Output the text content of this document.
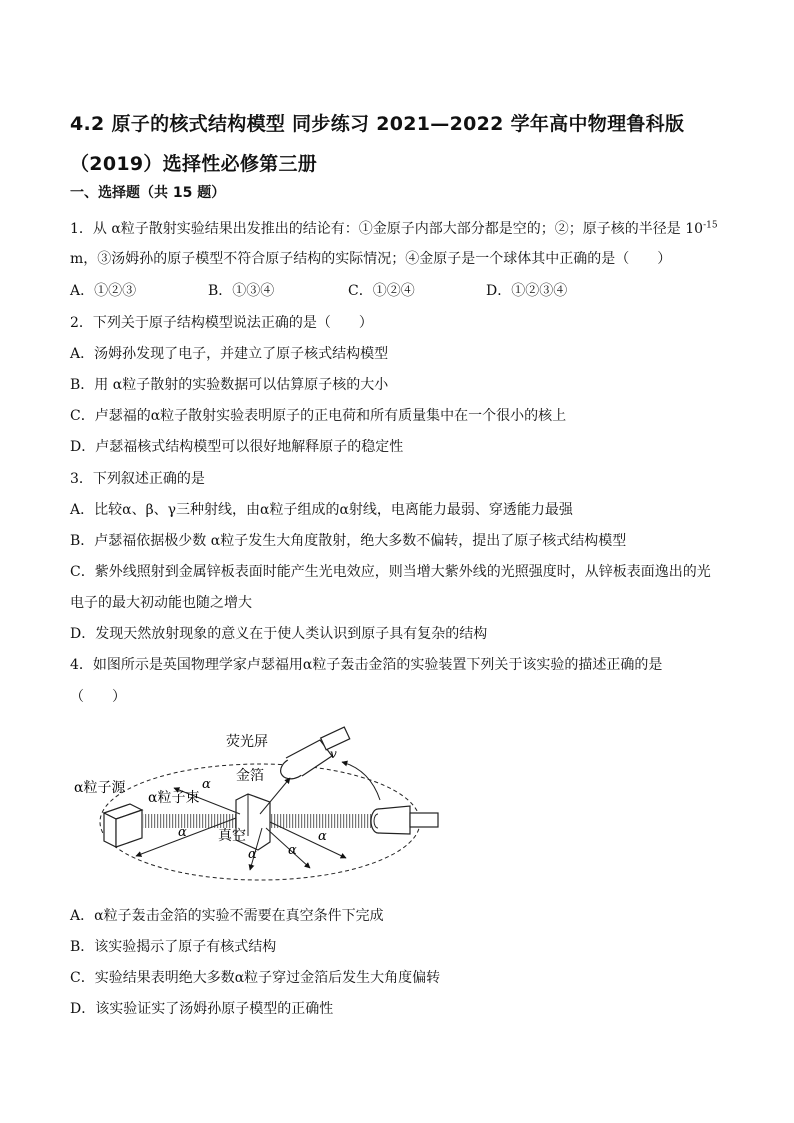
4.2 原子的核式结构模型 同步练习 2021—2022 学年高中物理鲁科版
（2019）选择性必修第三册
一、选择题（共 15 题）
1．从 α粒子散射实验结果出发推出的结论有：①金原子内部大部分都是空的；②；原子核的半径是 $10^{-15}$
m，③汤姆孙的原子模型不符合原子结构的实际情况；④金原子是一个球体其中正确的是（　　）
A．①②③	B．①③④	C．①②④	D．①②③④
2．下列关于原子结构模型说法正确的是（　　）
A．汤姆孙发现了电子，并建立了原子核式结构模型
B．用 α粒子散射的实验数据可以估算原子核的大小
C．卢瑟福的α粒子散射实验表明原子的正电荷和所有质量集中在一个很小的核上
D．卢瑟福核式结构模型可以很好地解释原子的稳定性
3．下列叙述正确的是
A．比较α、β、γ三种射线，由α粒子组成的α射线，电离能力最弱、穿透能力最强
B．卢瑟福依据极少数 α粒子发生大角度散射，绝大多数不偏转，提出了原子核式结构模型
C．紫外线照射到金属锌板表面时能产生光电效应，则当增大紫外线的光照强度时，从锌板表面逸出的光
电子的最大初动能也随之增大
D．发现天然放射现象的意义在于使人类认识到原子具有复杂的结构
4．如图所示是英国物理学家卢瑟福用α粒子轰击金箔的实验装置下列关于该实验的描述正确的是
（　　）
荧光屏
金箔
α粒子源
α粒子束
真空
v
α
α
α α
α
A．α粒子轰击金箔的实验不需要在真空条件下完成
B．该实验揭示了原子有核式结构
C．实验结果表明绝大多数α粒子穿过金箔后发生大角度偏转
D．该实验证实了汤姆孙原子模型的正确性
